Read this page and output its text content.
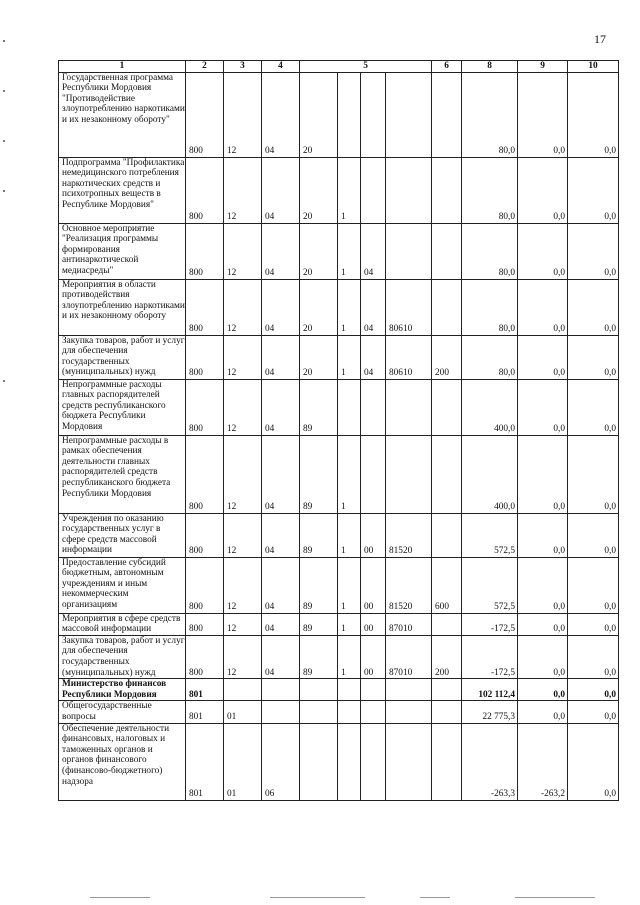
17
1	2	3	4	5				6	8	9	10
Государственная программа Республики Мордовия "Противодействие злоупотреблению наркотиками и их незаконному обороту"	800	12	04	20					80,0	0,0	0,0
Подпрограмма "Профилактика немедицинского потребления наркотических средств и психотропных веществ в Республике Мордовия"	800	12	04	20	1				80,0	0,0	0,0
Основное мероприятие "Реализация программы формирования антинаркотической медиасреды"	800	12	04	20	1	04			80,0	0,0	0,0
Мероприятия в области противодействия злоупотреблению наркотиками и их незаконному обороту	800	12	04	20	1	04	80610		80,0	0,0	0,0
Закупка товаров, работ и услуг для обеспечения государственных (муниципальных) нужд	800	12	04	20	1	04	80610	200	80,0	0,0	0,0
Непрограммные расходы главных распорядителей средств республиканского бюджета Республики Мордовия	800	12	04	89					400,0	0,0	0,0
Непрограммные расходы в рамках обеспечения деятельности главных распорядителей средств республиканского бюджета Республики Мордовия	800	12	04	89	1				400,0	0,0	0,0
Учреждения по оказанию государственных услуг в сфере средств массовой информации	800	12	04	89	1	00	81520		572,5	0,0	0,0
Предоставление субсидий бюджетным, автономным учреждениям и иным некоммерческим организациям	800	12	04	89	1	00	81520	600	572,5	0,0	0,0
Мероприятия в сфере средств массовой информации	800	12	04	89	1	00	87010		-172,5	0,0	0,0
Закупка товаров, работ и услуг для обеспечения государственных (муниципальных) нужд	800	12	04	89	1	00	87010	200	-172,5	0,0	0,0
Министерство финансов Республики Мордовия	801								102 112,4	0,0	0,0
Общегосударственные вопросы	801	01							22 775,3	0,0	0,0
Обеспечение деятельности финансовых, налоговых и таможенных органов и органов финансового (финансово-бюджетного) надзора	801	01	06						-263,3	-263,2	0,0
